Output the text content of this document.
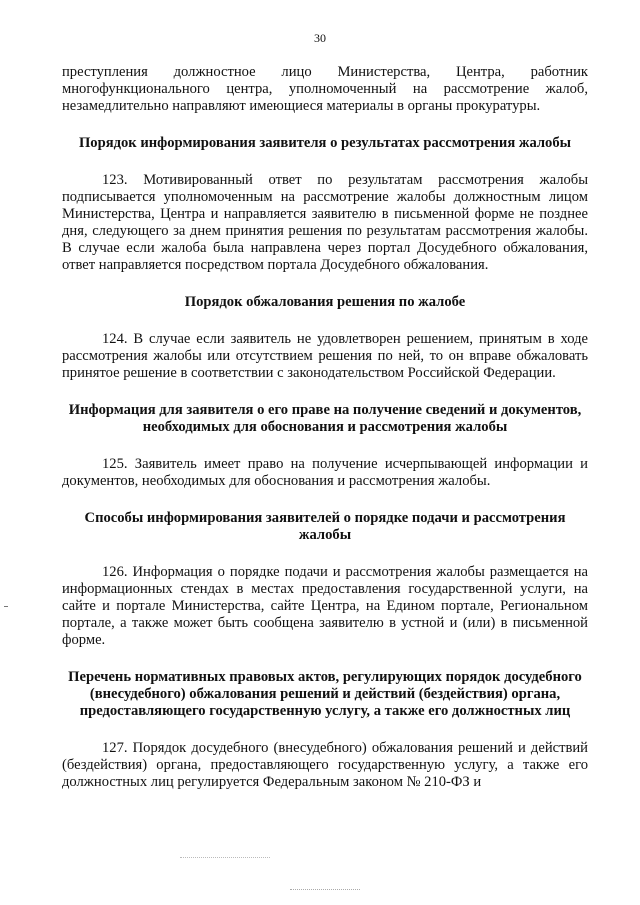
30

преступления должностное лицо Министерства, Центра, работник многофункционального центра, уполномоченный на рассмотрение жалоб, незамедлительно направляют имеющиеся материалы в органы прокуратуры.

Порядок информирования заявителя о результатах рассмотрения жалобы

123. Мотивированный ответ по результатам рассмотрения жалобы подписывается уполномоченным на рассмотрение жалобы должностным лицом Министерства, Центра и направляется заявителю в письменной форме не позднее дня, следующего за днем принятия решения по результатам рассмотрения жалобы. В случае если жалоба была направлена через портал Досудебного обжалования, ответ направляется посредством портала Досудебного обжалования.

Порядок обжалования решения по жалобе

124. В случае если заявитель не удовлетворен решением, принятым в ходе рассмотрения жалобы или отсутствием решения по ней, то он вправе обжаловать принятое решение в соответствии с законодательством Российской Федерации.

Информация для заявителя о его праве на получение сведений и документов, необходимых для обоснования и рассмотрения жалобы

125. Заявитель имеет право на получение исчерпывающей информации и документов, необходимых для обоснования и рассмотрения жалобы.

Способы информирования заявителей о порядке подачи и рассмотрения жалобы

126. Информация о порядке подачи и рассмотрения жалобы размещается на информационных стендах в местах предоставления государственной услуги, на сайте и портале Министерства, сайте Центра, на Едином портале, Региональном портале, а также может быть сообщена заявителю в устной и (или) в письменной форме.

Перечень нормативных правовых актов, регулирующих порядок досудебного (внесудебного) обжалования решений и действий (бездействия) органа, предоставляющего государственную услугу, а также его должностных лиц

127. Порядок досудебного (внесудебного) обжалования решений и действий (бездействия) органа, предоставляющего государственную услугу, а также его должностных лиц регулируется Федеральным законом № 210-ФЗ и
